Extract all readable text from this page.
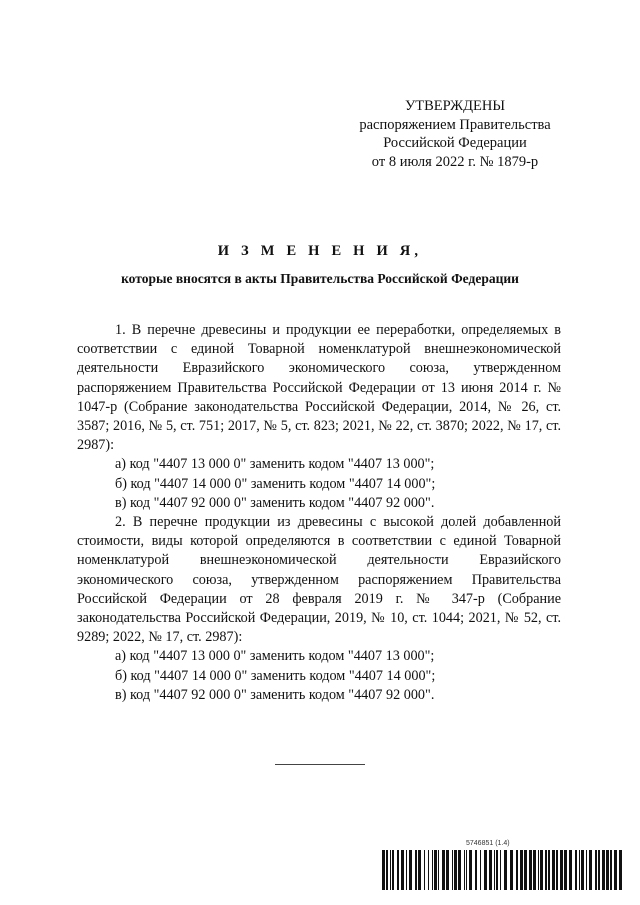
УТВЕРЖДЕНЫ
распоряжением Правительства
Российской Федерации
от 8 июля 2022 г. № 1879-р
И З М Е Н Е Н И Я,
которые вносятся в акты Правительства Российской Федерации

1. В перечне древесины и продукции ее переработки, определяемых в соответствии с единой Товарной номенклатурой внешнеэкономической деятельности Евразийского экономического союза, утвержденном распоряжением Правительства Российской Федерации от 13 июня 2014 г. № 1047-р (Собрание законодательства Российской Федерации, 2014, № 26, ст. 3587; 2016, № 5, ст. 751; 2017, № 5, ст. 823; 2021, № 22, ст. 3870; 2022, № 17, ст. 2987):

а) код "4407 13 000 0" заменить кодом "4407 13 000";

б) код "4407 14 000 0" заменить кодом "4407 14 000";

в) код "4407 92 000 0" заменить кодом "4407 92 000".

2. В перечне продукции из древесины с высокой долей добавленной стоимости, виды которой определяются в соответствии с единой Товарной номенклатурой внешнеэкономической деятельности Евразийского экономического союза, утвержденном распоряжением Правительства Российской Федерации от 28 февраля 2019 г. № 347-р (Собрание законодательства Российской Федерации, 2019, № 10, ст. 1044; 2021, № 52, ст. 9289; 2022, № 17, ст. 2987):

а) код "4407 13 000 0" заменить кодом "4407 13 000";

б) код "4407 14 000 0" заменить кодом "4407 14 000";

в) код "4407 92 000 0" заменить кодом "4407 92 000".

5746851 (1.4)
